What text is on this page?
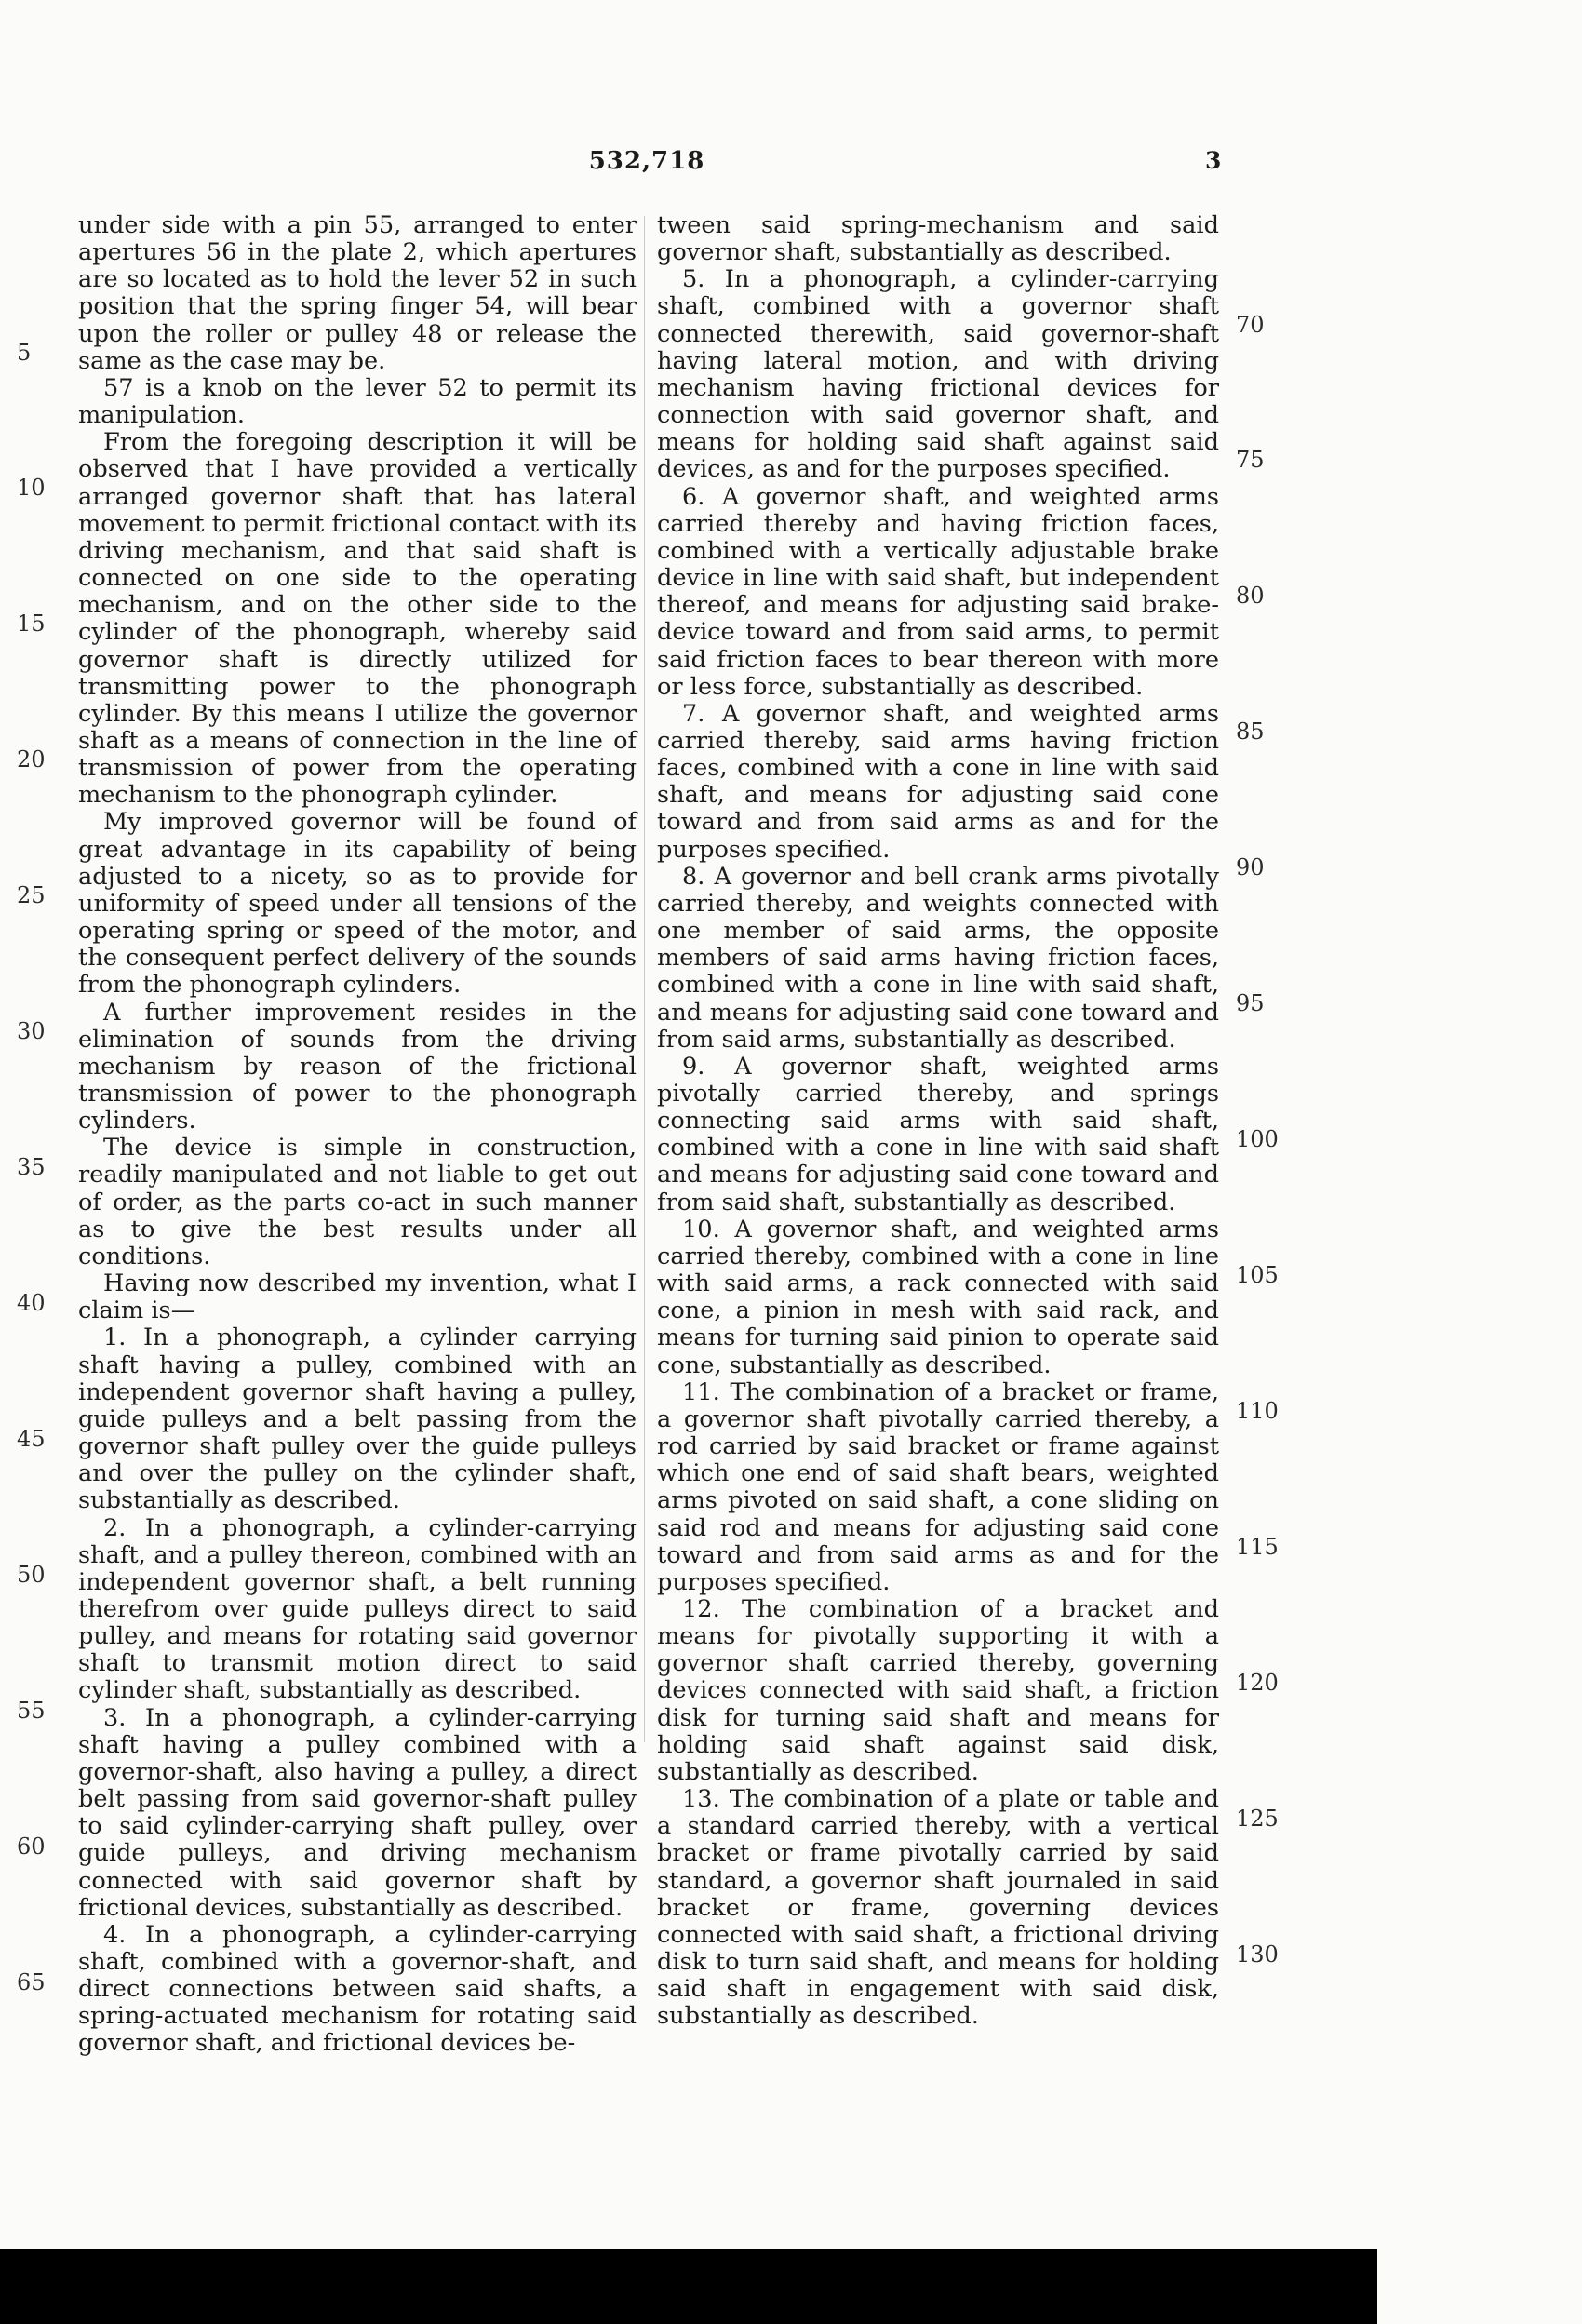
532,718	3

under side with a pin 55, arranged to enter apertures 56 in the plate 2, which apertures are so located as to hold the lever 52 in such position that the spring finger 54, will bear upon the roller or pulley 48 or release the same as the case may be.

57 is a knob on the lever 52 to permit its manipulation.

From the foregoing description it will be observed that I have provided a vertically arranged governor shaft that has lateral movement to permit frictional contact with its driving mechanism, and that said shaft is connected on one side to the operating mechanism, and on the other side to the cylinder of the phonograph, whereby said governor shaft is directly utilized for transmitting power to the phonograph cylinder. By this means I utilize the governor shaft as a means of connection in the line of transmission of power from the operating mechanism to the phonograph cylinder.

My improved governor will be found of great advantage in its capability of being adjusted to a nicety, so as to provide for uniformity of speed under all tensions of the operating spring or speed of the motor, and the consequent perfect delivery of the sounds from the phonograph cylinders.

A further improvement resides in the elimination of sounds from the driving mechanism by reason of the frictional transmission of power to the phonograph cylinders.

The device is simple in construction, readily manipulated and not liable to get out of order, as the parts co-act in such manner as to give the best results under all conditions.

Having now described my invention, what I claim is—

1. In a phonograph, a cylinder carrying shaft having a pulley, combined with an independent governor shaft having a pulley, guide pulleys and a belt passing from the governor shaft pulley over the guide pulleys and over the pulley on the cylinder shaft, substantially as described.

2. In a phonograph, a cylinder-carrying shaft, and a pulley thereon, combined with an independent governor shaft, a belt running therefrom over guide pulleys direct to said pulley, and means for rotating said governor shaft to transmit motion direct to said cylinder shaft, substantially as described.

3. In a phonograph, a cylinder-carrying shaft having a pulley combined with a governor-shaft, also having a pulley, a direct belt passing from said governor-shaft pulley to said cylinder-carrying shaft pulley, over guide pulleys, and driving mechanism connected with said governor shaft by frictional devices, substantially as described.

4. In a phonograph, a cylinder-carrying shaft, combined with a governor-shaft, and direct connections between said shafts, a spring-actuated mechanism for rotating said governor shaft, and frictional devices be-

5
10
15
20
25
30
35
40
45
50
55
60
65

tween said spring-mechanism and said governor shaft, substantially as described.

5. In a phonograph, a cylinder-carrying shaft, combined with a governor shaft connected therewith, said governor-shaft having lateral motion, and with driving mechanism having frictional devices for connection with said governor shaft, and means for holding said shaft against said devices, as and for the purposes specified.

6. A governor shaft, and weighted arms carried thereby and having friction faces, combined with a vertically adjustable brake device in line with said shaft, but independent thereof, and means for adjusting said brake-device toward and from said arms, to permit said friction faces to bear thereon with more or less force, substantially as described.

7. A governor shaft, and weighted arms carried thereby, said arms having friction faces, combined with a cone in line with said shaft, and means for adjusting said cone toward and from said arms as and for the purposes specified.

8. A governor and bell crank arms pivotally carried thereby, and weights connected with one member of said arms, the opposite members of said arms having friction faces, combined with a cone in line with said shaft, and means for adjusting said cone toward and from said arms, substantially as described.

9. A governor shaft, weighted arms pivotally carried thereby, and springs connecting said arms with said shaft, combined with a cone in line with said shaft and means for adjusting said cone toward and from said shaft, substantially as described.

10. A governor shaft, and weighted arms carried thereby, combined with a cone in line with said arms, a rack connected with said cone, a pinion in mesh with said rack, and means for turning said pinion to operate said cone, substantially as described.

11. The combination of a bracket or frame, a governor shaft pivotally carried thereby, a rod carried by said bracket or frame against which one end of said shaft bears, weighted arms pivoted on said shaft, a cone sliding on said rod and means for adjusting said cone toward and from said arms as and for the purposes specified.

12. The combination of a bracket and means for pivotally supporting it with a governor shaft carried thereby, governing devices connected with said shaft, a friction disk for turning said shaft and means for holding said shaft against said disk, substantially as described.

13. The combination of a plate or table and a standard carried thereby, with a vertical bracket or frame pivotally carried by said standard, a governor shaft journaled in said bracket or frame, governing devices connected with said shaft, a frictional driving disk to turn said shaft, and means for holding said shaft in engagement with said disk, substantially as described.

70
75
80
85
90
95
100
105
110
115
120
125
130
